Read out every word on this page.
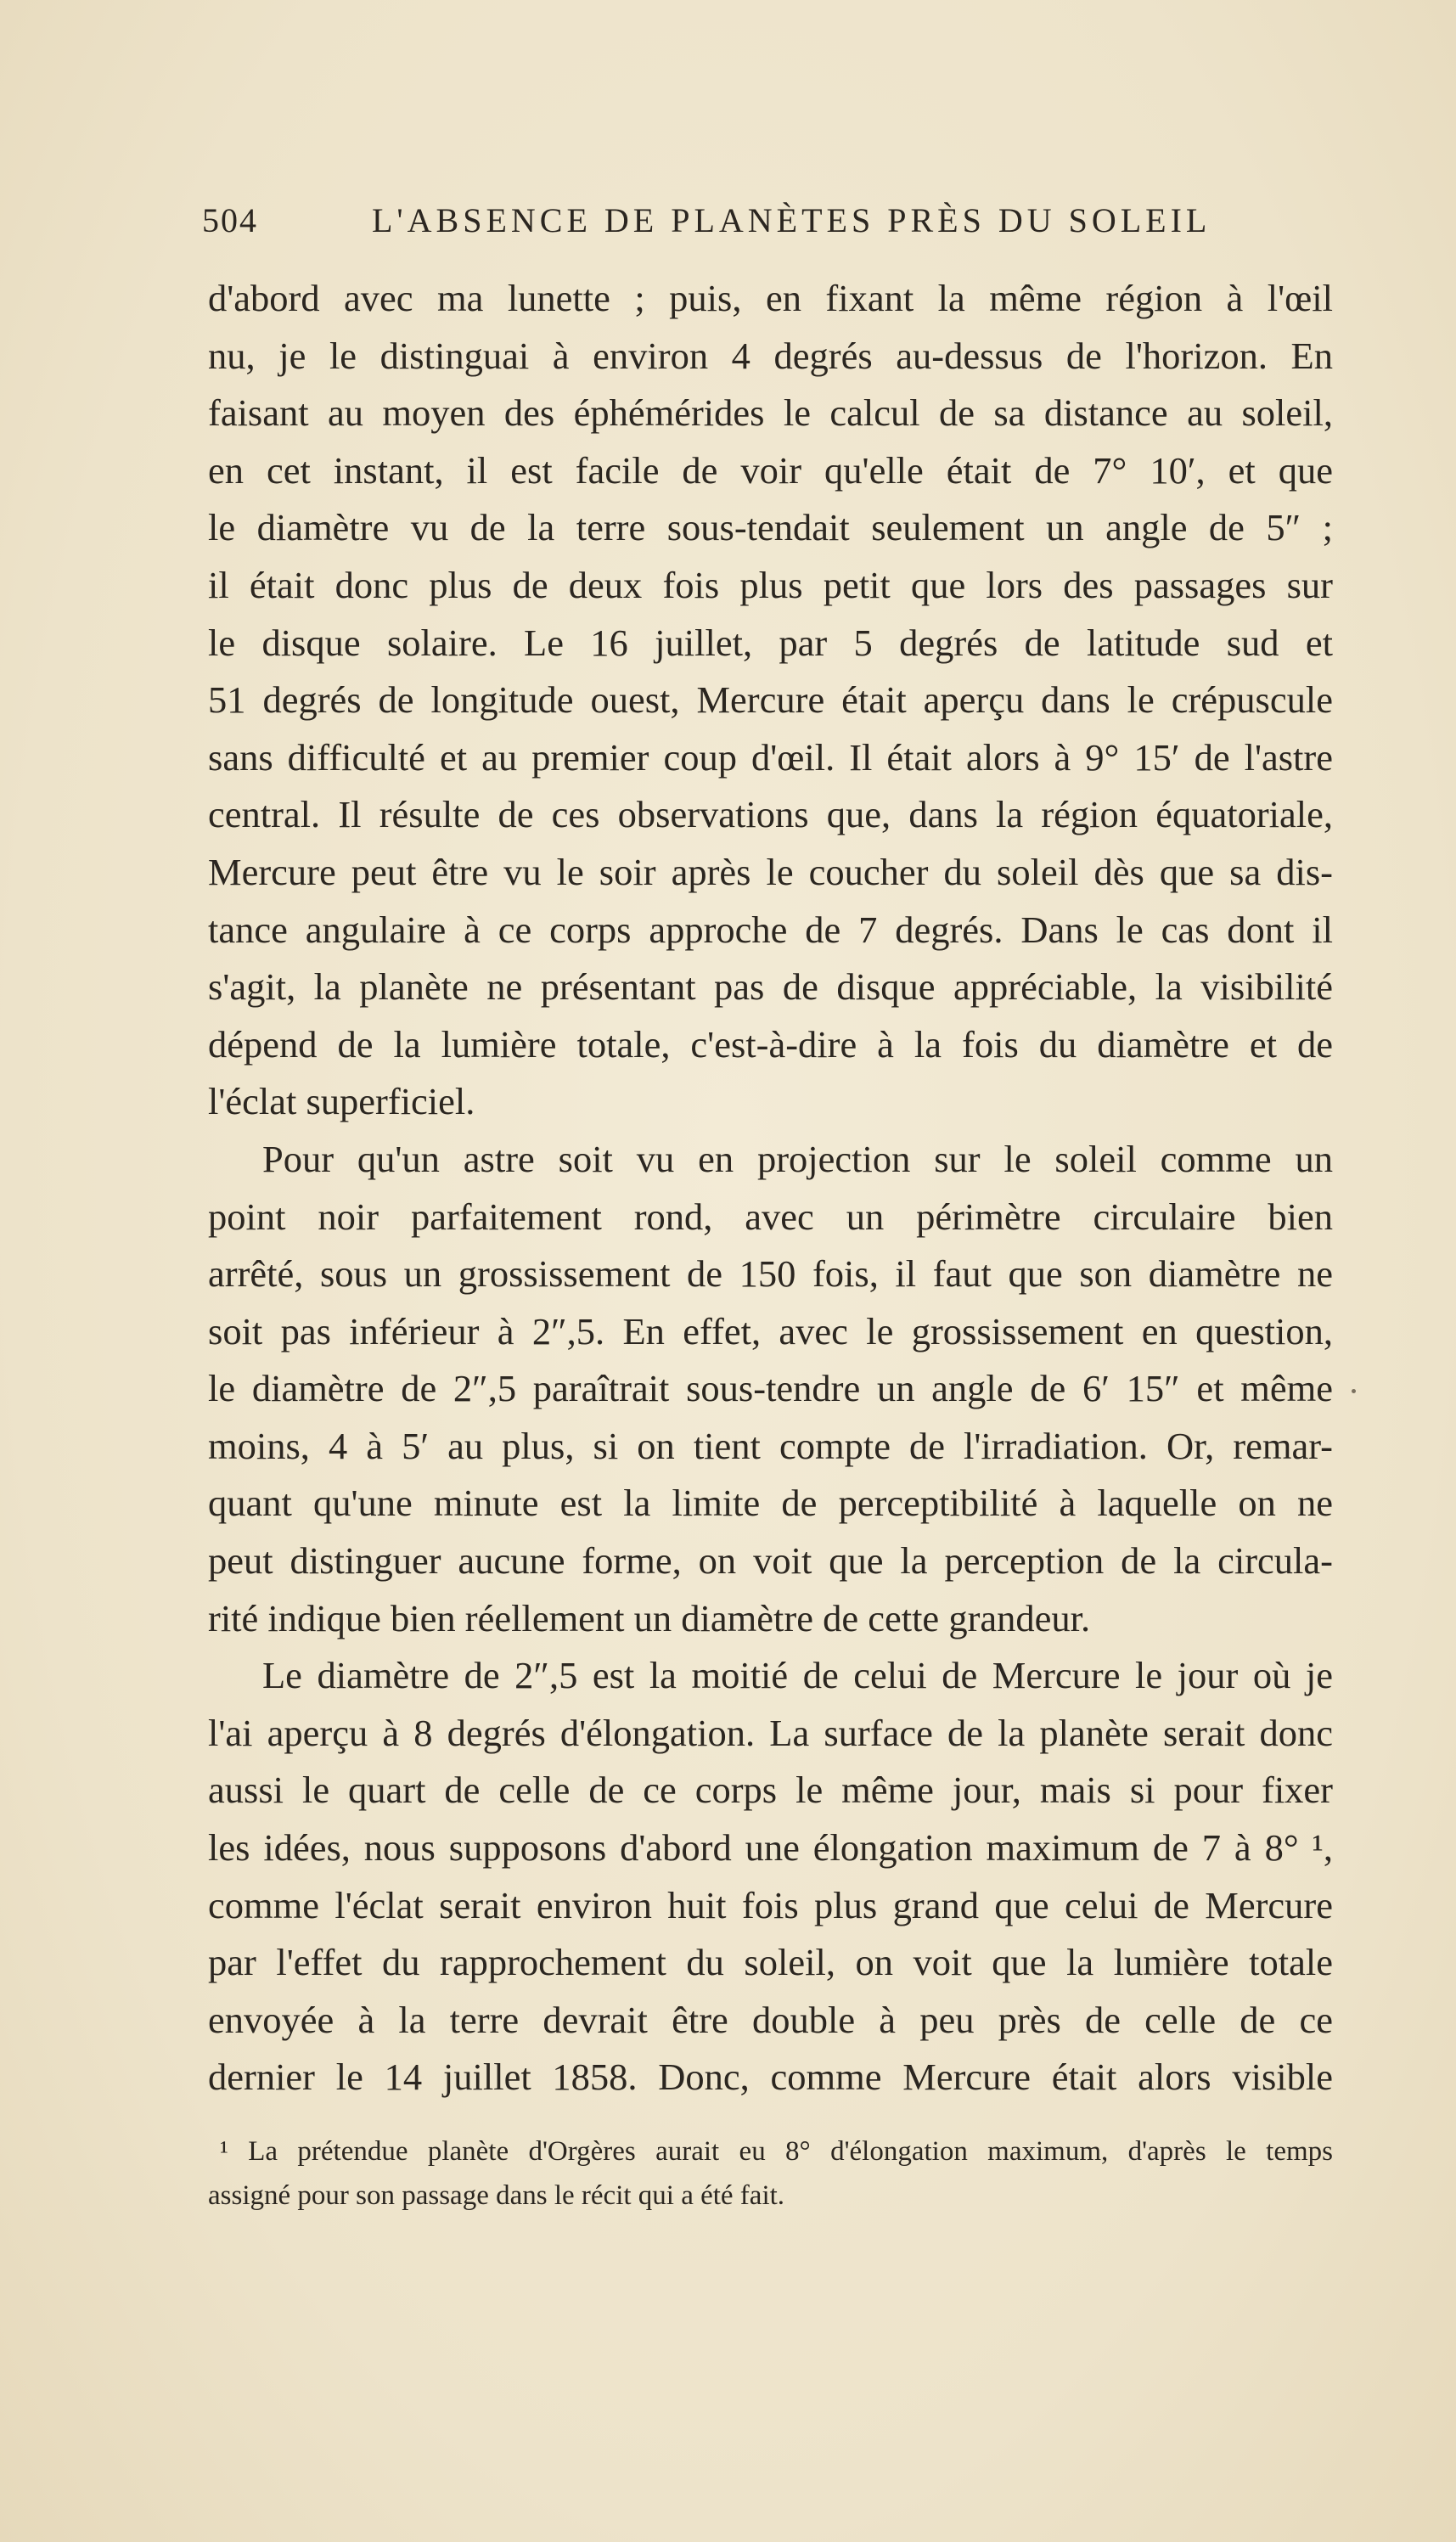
504	L'ABSENCE DE PLANÈTES PRÈS DU SOLEIL
d'abord avec ma lunette ; puis, en fixant la même région à l'œil
nu, je le distinguai à environ 4 degrés au-dessus de l'horizon. En
faisant au moyen des éphémérides le calcul de sa distance au soleil,
en cet instant, il est facile de voir qu'elle était de 7° 10′, et que
le diamètre vu de la terre sous-tendait seulement un angle de 5″ ;
il était donc plus de deux fois plus petit que lors des passages sur
le disque solaire. Le 16 juillet, par 5 degrés de latitude sud et
51 degrés de longitude ouest, Mercure était aperçu dans le crépuscule
sans difficulté et au premier coup d'œil. Il était alors à 9° 15′ de l'astre
central. Il résulte de ces observations que, dans la région équatoriale,
Mercure peut être vu le soir après le coucher du soleil dès que sa dis-
tance angulaire à ce corps approche de 7 degrés. Dans le cas dont il
s'agit, la planète ne présentant pas de disque appréciable, la visibilité
dépend de la lumière totale, c'est-à-dire à la fois du diamètre et de
l'éclat superficiel.
Pour qu'un astre soit vu en projection sur le soleil comme un
point noir parfaitement rond, avec un périmètre circulaire bien
arrêté, sous un grossissement de 150 fois, il faut que son diamètre ne
soit pas inférieur à 2″,5. En effet, avec le grossissement en question,
le diamètre de 2″,5 paraîtrait sous-tendre un angle de 6′ 15″ et même
moins, 4 à 5′ au plus, si on tient compte de l'irradiation. Or, remar-
quant qu'une minute est la limite de perceptibilité à laquelle on ne
peut distinguer aucune forme, on voit que la perception de la circula-
rité indique bien réellement un diamètre de cette grandeur.
Le diamètre de 2″,5 est la moitié de celui de Mercure le jour où je
l'ai aperçu à 8 degrés d'élongation. La surface de la planète serait donc
aussi le quart de celle de ce corps le même jour, mais si pour fixer
les idées, nous supposons d'abord une élongation maximum de 7 à 8° ¹,
comme l'éclat serait environ huit fois plus grand que celui de Mercure
par l'effet du rapprochement du soleil, on voit que la lumière totale
envoyée à la terre devrait être double à peu près de celle de ce
dernier le 14 juillet 1858. Donc, comme Mercure était alors visible
¹ La prétendue planète d'Orgères aurait eu 8° d'élongation maximum, d'après le temps
assigné pour son passage dans le récit qui a été fait.
